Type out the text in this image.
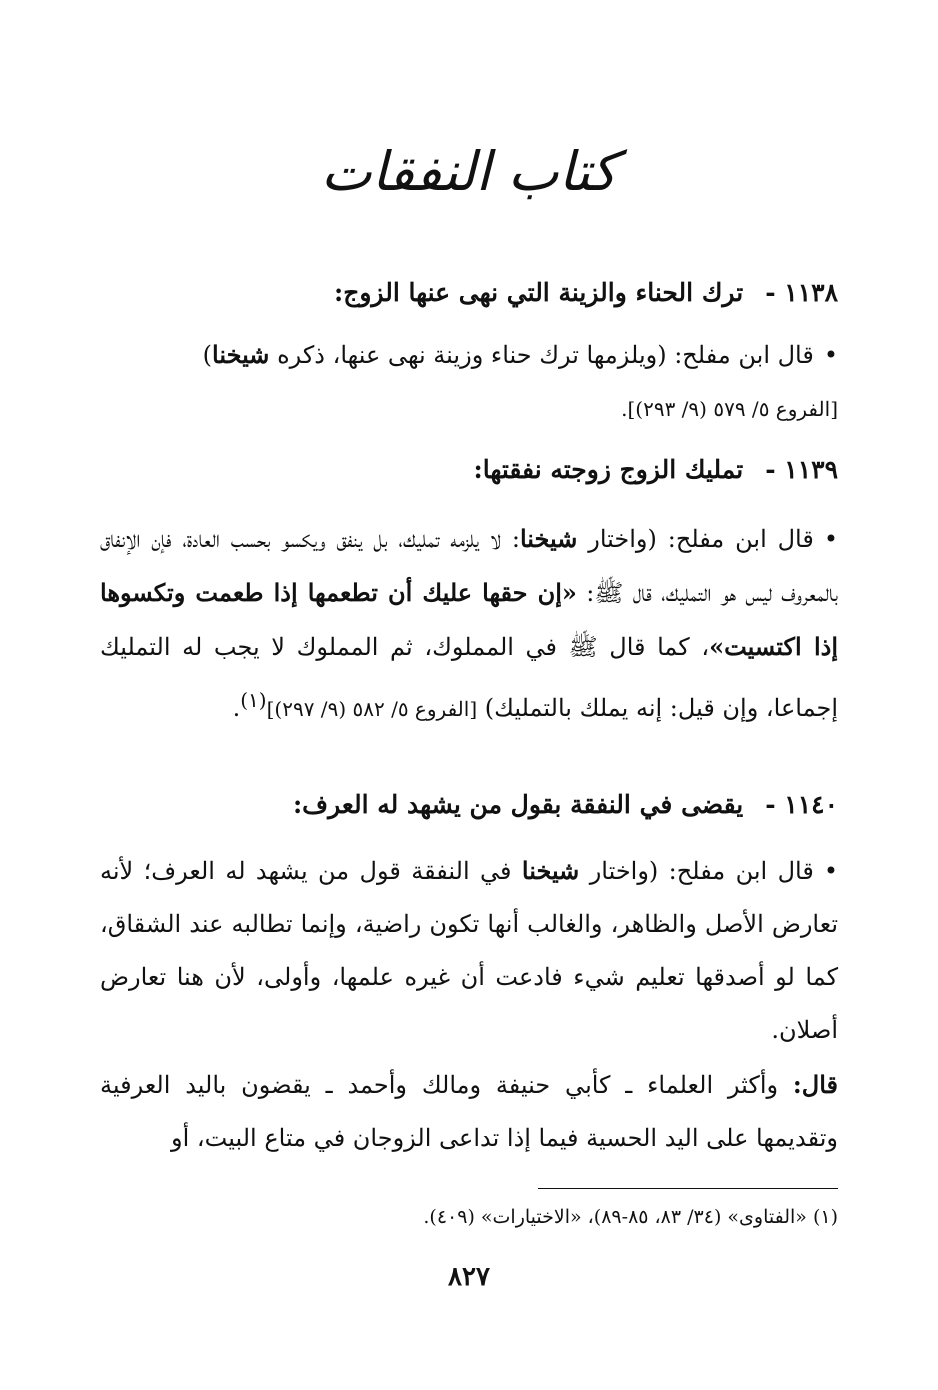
كتاب النفقات
١١٣٨ -ترك الحناء والزينة التي نهى عنها الزوج:
•قال ابن مفلح: (ويلزمها ترك حناء وزينة نهى عنها، ذكره شيخنا)
[الفروع ٥/ ٥٧٩ (٩/ ٢٩٣)].
١١٣٩ -تمليك الزوج زوجته نفقتها:
•قال ابن مفلح: (واختار شيخنا: لا يلزمه تمليك، بل ينفق ويكسو بحسب العادة، فإن الإنفاق بالمعروف ليس هو التمليك، قال ﷺ: «إن حقها عليك أن تطعمها إذا طعمت وتكسوها إذا اكتسيت»، كما قال ﷺ في المملوك، ثم المملوك لا يجب له التمليك إجماعا، وإن قيل: إنه يملك بالتمليك) [الفروع ٥/ ٥٨٢ (٩/ ٢٩٧)]$^{(١)}$.
١١٤٠ -يقضى في النفقة بقول من يشهد له العرف:
•قال ابن مفلح: (واختار شيخنا في النفقة قول من يشهد له العرف؛ لأنه تعارض الأصل والظاهر، والغالب أنها تكون راضية، وإنما تطالبه عند الشقاق، كما لو أصدقها تعليم شيء فادعت أن غيره علمها، وأولى، لأن هنا تعارض أصلان.
قال: وأكثر العلماء ـ كأبي حنيفة ومالك وأحمد ـ يقضون باليد العرفية وتقديمها على اليد الحسية فيما إذا تداعى الزوجان في متاع البيت، أو
(١) «الفتاوى» (٣٤/ ٨٣، ٨٥-٨٩)، «الاختيارات» (٤٠٩).
٨٢٧
